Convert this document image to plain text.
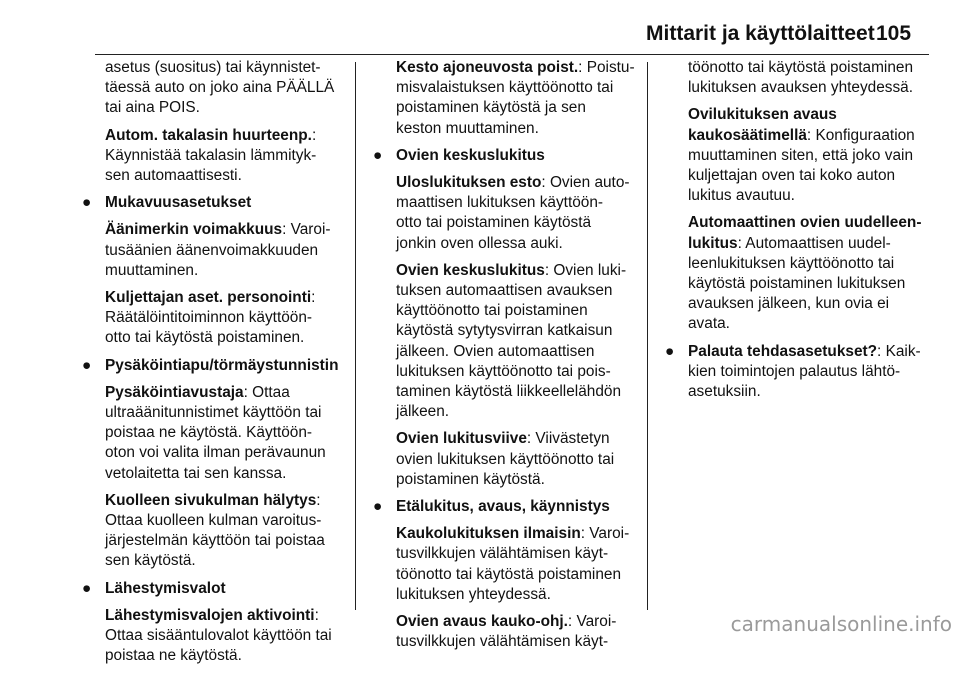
Mittarit ja käyttölaitteet 105
asetus (suositus) tai käynnistet-
täessä auto on joko aina PÄÄLLÄ
tai aina POIS.
Autom. takalasin huurteenp.:
Käynnistää takalasin lämmityk-
sen automaattisesti.
● Mukavuusasetukset
Äänimerkin voimakkuus: Varoi-
tusäänien äänenvoimakkuuden
muuttaminen.
Kuljettajan aset. personointi:
Räätälöintitoiminnon käyttöön-
otto tai käytöstä poistaminen.
● Pysäköintiapu/törmäystunnistin
Pysäköintiavustaja: Ottaa
ultraäänitunnistimet käyttöön tai
poistaa ne käytöstä. Käyttöön-
oton voi valita ilman perävaunun
vetolaitetta tai sen kanssa.
Kuolleen sivukulman hälytys:
Ottaa kuolleen kulman varoitus-
järjestelmän käyttöön tai poistaa
sen käytöstä.
● Lähestymisvalot
Lähestymisvalojen aktivointi:
Ottaa sisääntulovalot käyttöön tai
poistaa ne käytöstä.
Kesto ajoneuvosta poist.: Poistu-
misvalaistuksen käyttöönotto tai
poistaminen käytöstä ja sen
keston muuttaminen.
● Ovien keskuslukitus
Uloslukituksen esto: Ovien auto-
maattisen lukituksen käyttöön-
otto tai poistaminen käytöstä
jonkin oven ollessa auki.
Ovien keskuslukitus: Ovien luki-
tuksen automaattisen avauksen
käyttöönotto tai poistaminen
käytöstä sytytysvirran katkaisun
jälkeen. Ovien automaattisen
lukituksen käyttöönotto tai pois-
taminen käytöstä liikkeellelähdön
jälkeen.
Ovien lukitusviive: Viivästetyn
ovien lukituksen käyttöönotto tai
poistaminen käytöstä.
● Etälukitus, avaus, käynnistys
Kaukolukituksen ilmaisin: Varoi-
tusvilkkujen välähtämisen käyt-
töönotto tai käytöstä poistaminen
lukituksen yhteydessä.
Ovien avaus kauko-ohj.: Varoi-
tusvilkkujen välähtämisen käyt-
töönotto tai käytöstä poistaminen
lukituksen avauksen yhteydessä.
Ovilukituksen avaus
kaukosäätimellä: Konfiguraation
muuttaminen siten, että joko vain
kuljettajan oven tai koko auton
lukitus avautuu.
Automaattinen ovien uudelleen-
lukitus: Automaattisen uudel-
leenlukituksen käyttöönotto tai
käytöstä poistaminen lukituksen
avauksen jälkeen, kun ovia ei
avata.
● Palauta tehdasasetukset?: Kaik-
kien toimintojen palautus lähtö-
asetuksiin.
carmanualsonline.info
